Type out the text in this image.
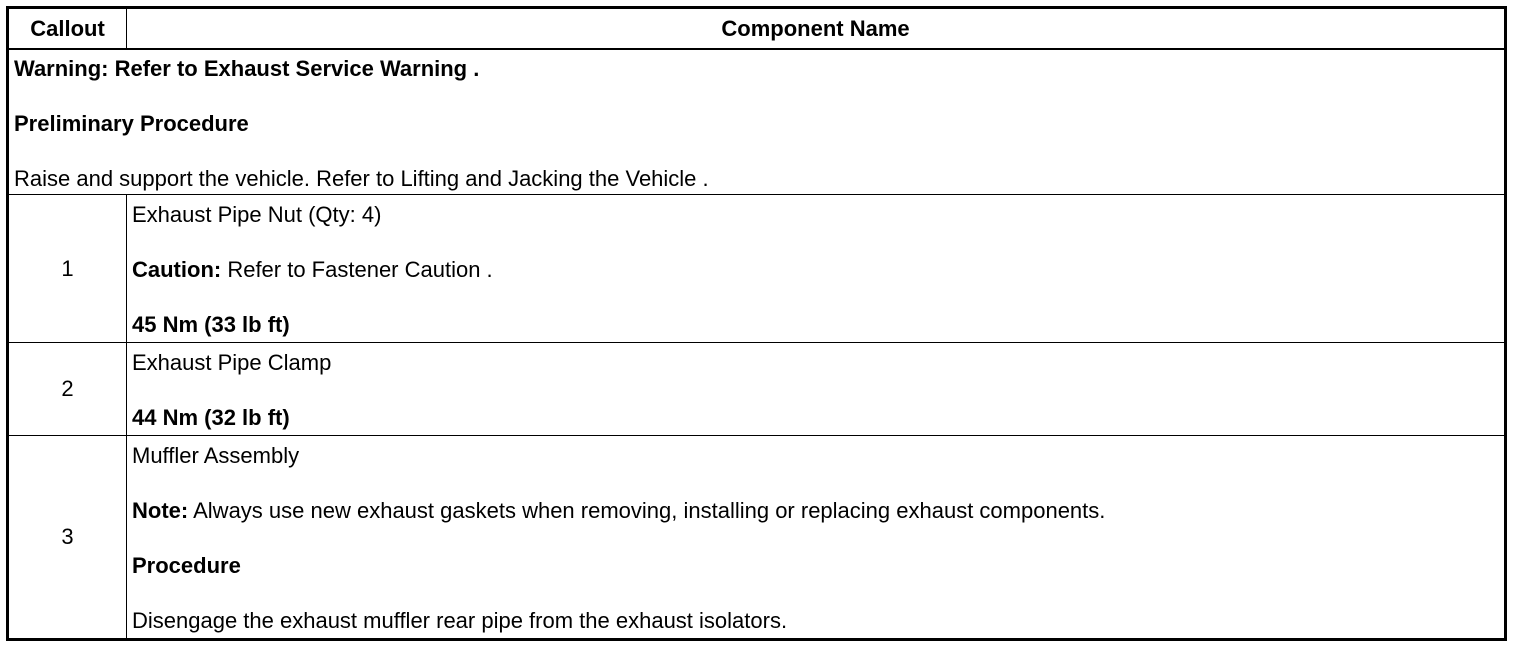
Callout	Component Name

Warning: Refer to Exhaust Service Warning .

Preliminary Procedure

Raise and support the vehicle. Refer to Lifting and Jacking the Vehicle .	

1	Exhaust Pipe Nut (Qty: 4)

Caution: Refer to Fastener Caution .

45 Nm (33 lb ft)

2	Exhaust Pipe Clamp

44 Nm (32 lb ft)

3	Muffler Assembly

Note: Always use new exhaust gaskets when removing, installing or replacing exhaust components.

Procedure

Disengage the exhaust muffler rear pipe from the exhaust isolators.
